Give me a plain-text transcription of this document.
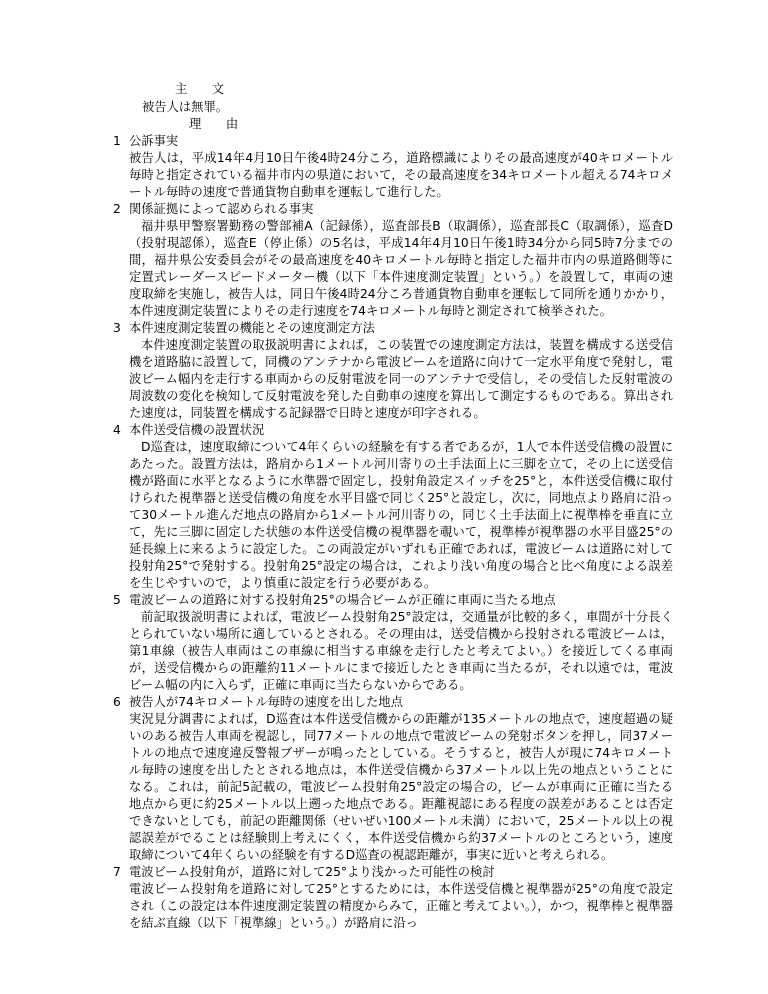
主　　文
被告人は無罪。
理　　由
1 公訴事実
被告人は，平成14年4月10日午後4時24分ころ，道路標識によりその最高速度が40キロメートル毎時と指定されている福井市内の県道において，その最高速度を34キロメートル超える74キロメートル毎時の速度で普通貨物自動車を運転して進行した。
2 関係証拠によって認められる事実
福井県甲警察署勤務の警部補A（記録係），巡査部長B（取調係），巡査部長C（取調係），巡査D（投射現認係），巡査E（停止係）の5名は，平成14年4月10日午後1時34分から同5時7分までの間，福井県公安委員会がその最高速度を40キロメートル毎時と指定した福井市内の県道路側等に定置式レーダースピードメーター機（以下「本件速度測定装置」という。）を設置して，車両の速度取締を実施し，被告人は，同日午後4時24分ころ普通貨物自動車を運転して同所を通りかかり，本件速度測定装置によりその走行速度を74キロメートル毎時と測定されて検挙された。
3 本件速度測定装置の機能とその速度測定方法
本件速度測定装置の取扱説明書によれば，この装置での速度測定方法は，装置を構成する送受信機を道路脇に設置して，同機のアンテナから電波ビームを道路に向けて一定水平角度で発射し，電波ビーム幅内を走行する車両からの反射電波を同一のアンテナで受信し，その受信した反射電波の周波数の変化を検知して反射電波を発した自動車の速度を算出して測定するものである。算出された速度は，同装置を構成する記録器で日時と速度が印字される。
4 本件送受信機の設置状況
D巡査は，速度取締について4年くらいの経験を有する者であるが，1人で本件送受信機の設置にあたった。設置方法は，路肩から1メートル河川寄りの土手法面上に三脚を立て，その上に送受信機が路面に水平となるように水準器で固定し，投射角設定スイッチを25°と，本件送受信機に取付けられた視準器と送受信機の角度を水平目盛で同じく25°と設定し，次に，同地点より路肩に沿って30メートル進んだ地点の路肩から1メートル河川寄りの，同じく土手法面上に視準棒を垂直に立て，先に三脚に固定した状態の本件送受信機の視準器を覗いて，視準棒が視準器の水平目盛25°の延長線上に来るように設定した。この両設定がいずれも正確であれば，電波ビームは道路に対して投射角25°で発射する。投射角25°設定の場合は，これより浅い角度の場合と比べ角度による誤差を生じやすいので，より慎重に設定を行う必要がある。
5 電波ビームの道路に対する投射角25°の場合ビームが正確に車両に当たる地点
前記取扱説明書によれば，電波ビーム投射角25°設定は，交通量が比較的多く，車間が十分長くとられていない場所に適しているとされる。その理由は，送受信機から投射される電波ビームは，第1車線（被告人車両はこの車線に相当する車線を走行したと考えてよい。）を接近してくる車両が，送受信機からの距離約11メートルにまで接近したとき車両に当たるが，それ以遠では，電波ビーム幅の内に入らず，正確に車両に当たらないからである。
6 被告人が74キロメートル毎時の速度を出した地点
実況見分調書によれば，D巡査は本件送受信機からの距離が135メートルの地点で，速度超過の疑いのある被告人車両を視認し，同77メートルの地点で電波ビームの発射ボタンを押し，同37メートルの地点で速度違反警報ブザーが鳴ったとしている。そうすると，被告人が現に74キロメートル毎時の速度を出したとされる地点は，本件送受信機から37メートル以上先の地点ということになる。これは，前記5記載の，電波ビーム投射角25°設定の場合の，ビームが車両に正確に当たる地点から更に約25メートル以上遡った地点である。距離視認にある程度の誤差があることは否定できないとしても，前記の距離関係（せいぜい100メートル未満）において，25メートル以上の視認誤差がでることは経験則上考えにくく，本件送受信機から約37メートルのところという，速度取締について4年くらいの経験を有するD巡査の視認距離が，事実に近いと考えられる。
7 電波ビーム投射角が，道路に対して25°より浅かった可能性の検討
電波ビーム投射角を道路に対して25°とするためには，本件送受信機と視準器が25°の角度で設定され（この設定は本件速度測定装置の精度からみて，正確と考えてよい。），かつ，視準棒と視準器を結ぶ直線（以下「視準線」という。）が路肩に沿っ
